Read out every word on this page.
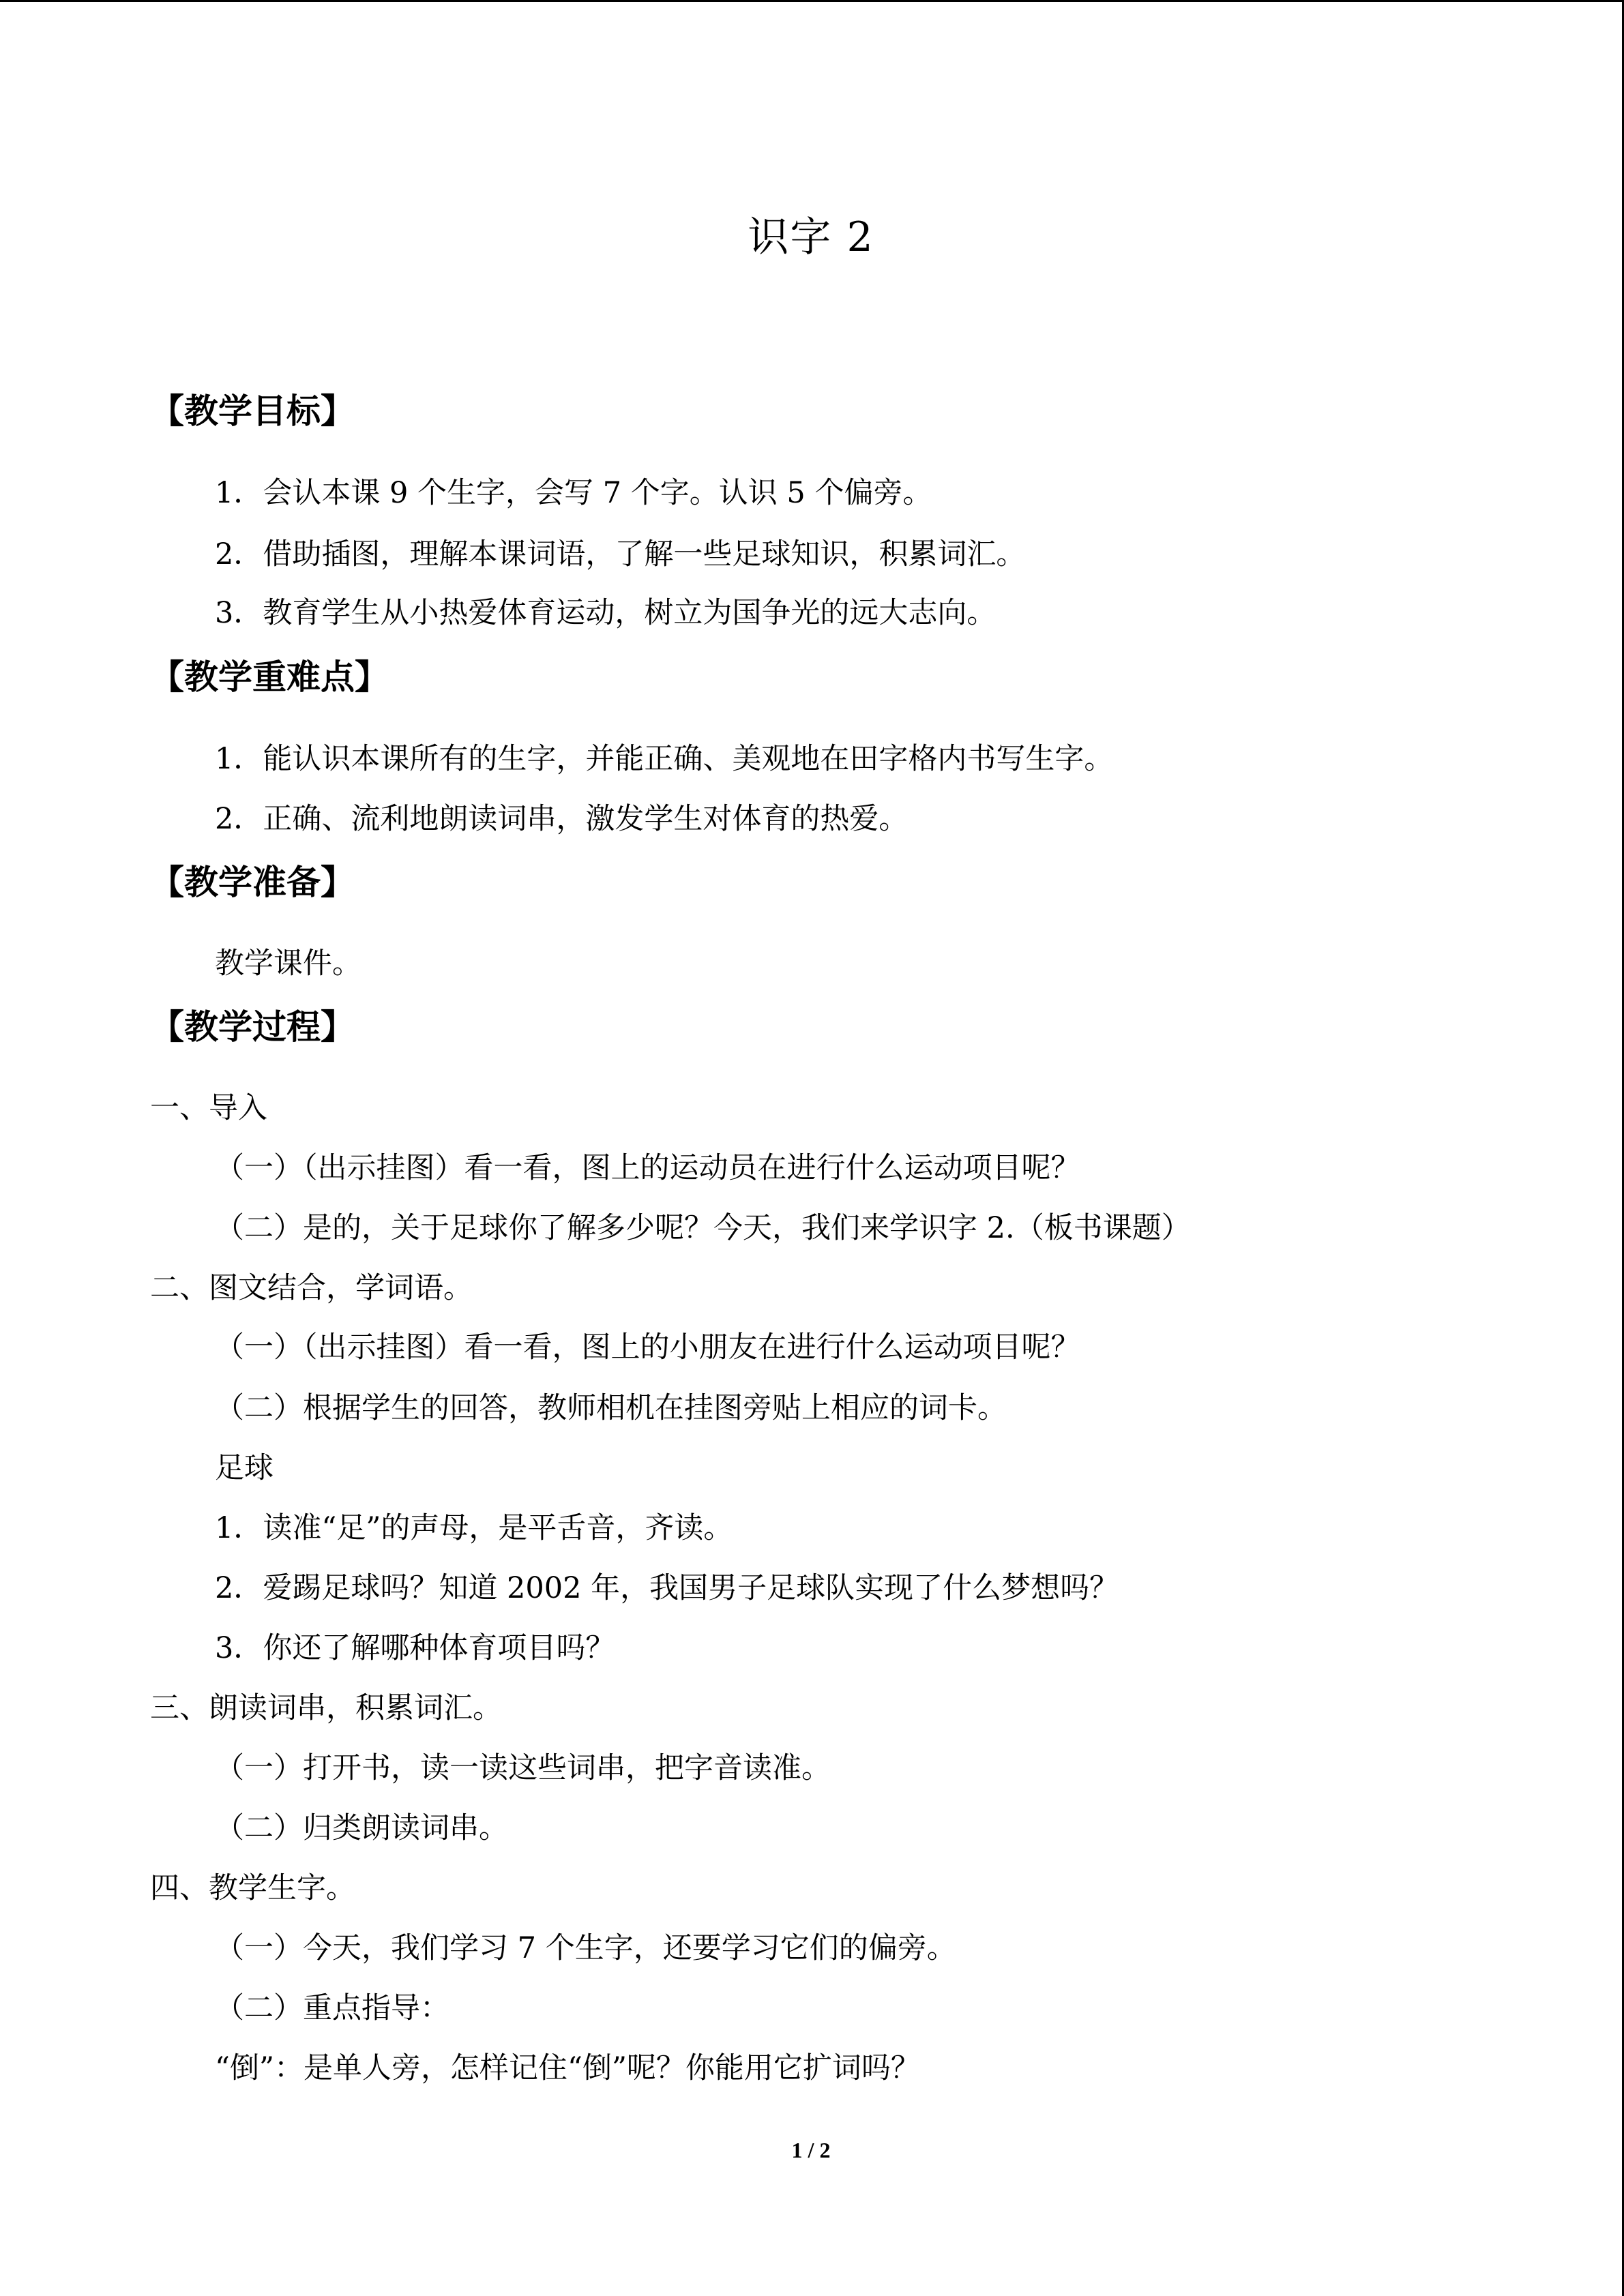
识字 2
【教学目标】
1．会认本课 9 个生字，会写 7 个字。认识 5 个偏旁。
2．借助插图，理解本课词语，了解一些足球知识，积累词汇。
3．教育学生从小热爱体育运动，树立为国争光的远大志向。
【教学重难点】
1．能认识本课所有的生字，并能正确、美观地在田字格内书写生字。
2．正确、流利地朗读词串，激发学生对体育的热爱。
【教学准备】
教学课件。
【教学过程】
一、导入
（一）（出示挂图）看一看，图上的运动员在进行什么运动项目呢？
（二）是的，关于足球你了解多少呢？今天，我们来学识字 2.（板书课题）
二、图文结合，学词语。
（一）（出示挂图）看一看，图上的小朋友在进行什么运动项目呢？
（二）根据学生的回答，教师相机在挂图旁贴上相应的词卡。
足球
1．读准“足”的声母，是平舌音，齐读。
2．爱踢足球吗？知道 2002 年，我国男子足球队实现了什么梦想吗？
3．你还了解哪种体育项目吗？
三、朗读词串，积累词汇。
（一）打开书，读一读这些词串，把字音读准。
（二）归类朗读词串。
四、教学生字。
（一）今天，我们学习 7 个生字，还要学习它们的偏旁。
（二）重点指导：
“倒”：是单人旁，怎样记住“倒”呢？你能用它扩词吗？
1 / 2
